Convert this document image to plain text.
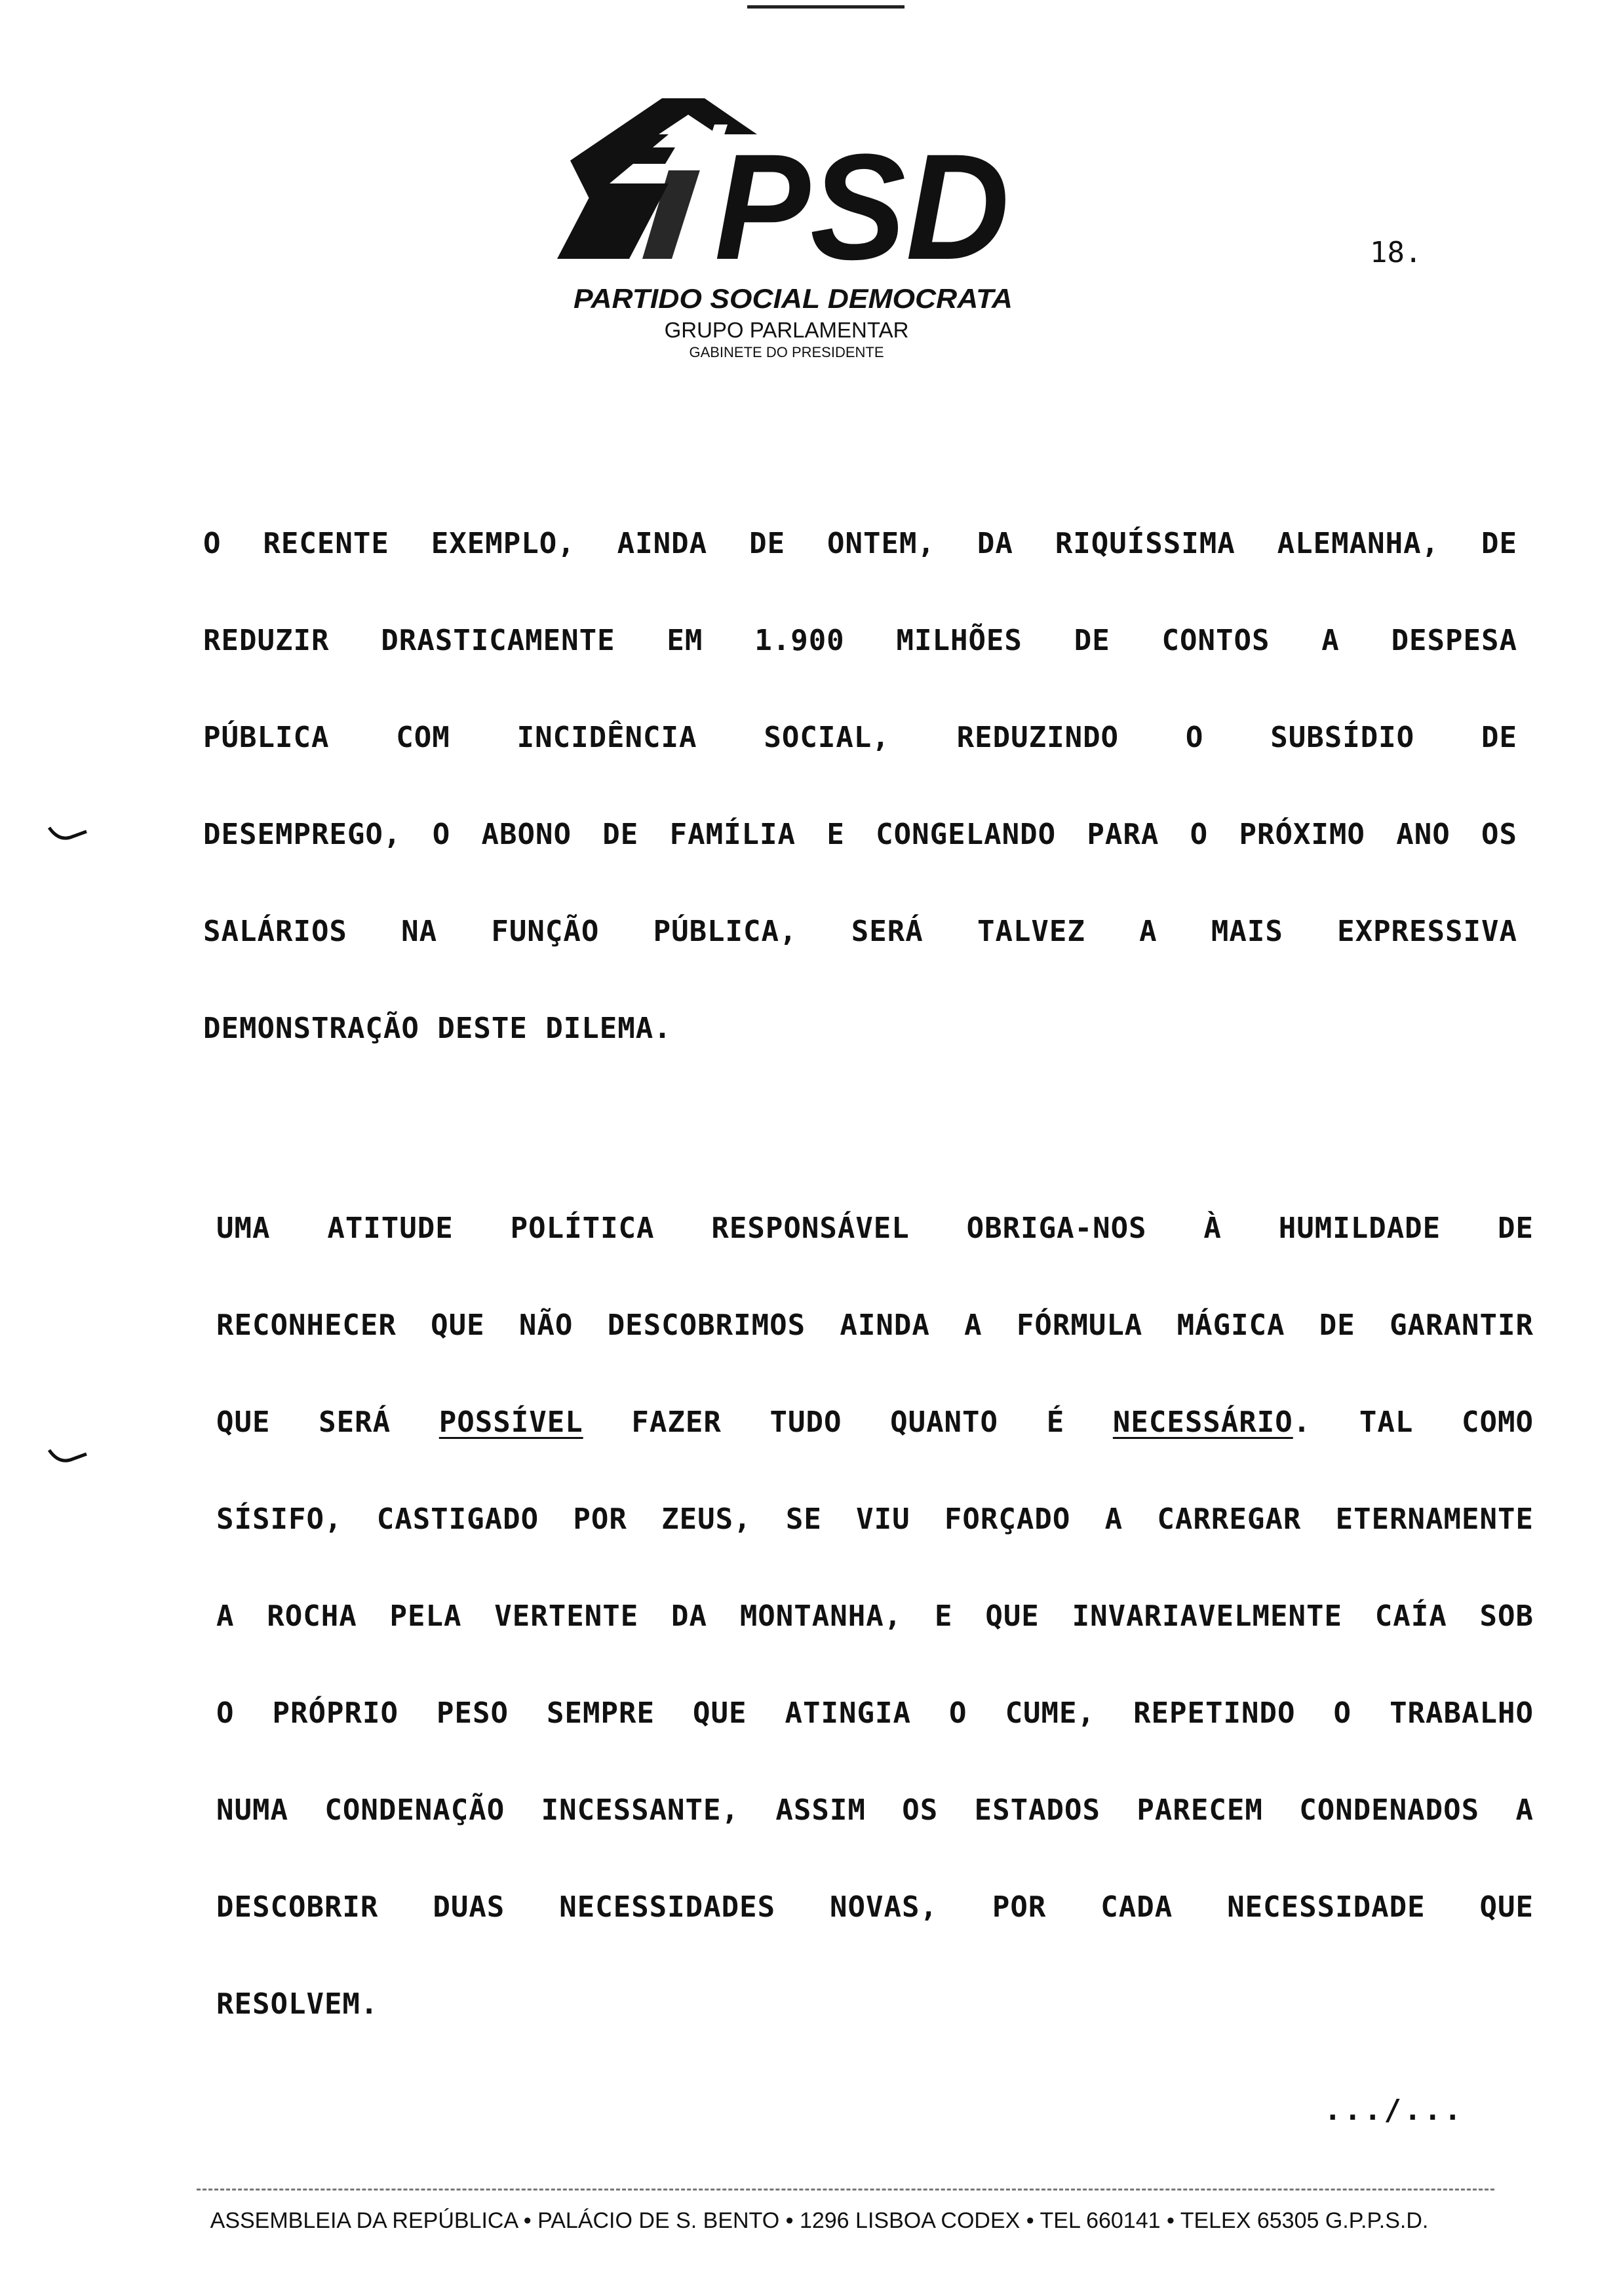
PSD
PARTIDO SOCIAL DEMOCRATA
GRUPO PARLAMENTAR
GABINETE DO PRESIDENTE
18.
O RECENTE EXEMPLO, AINDA DE ONTEM, DA RIQUÍSSIMA ALEMANHA, DE
REDUZIR DRASTICAMENTE EM 1.900 MILHÕES DE CONTOS A DESPESA
PÚBLICA COM INCIDÊNCIA SOCIAL, REDUZINDO O SUBSÍDIO DE
DESEMPREGO, O ABONO DE FAMÍLIA E CONGELANDO PARA O PRÓXIMO ANO OS
SALÁRIOS NA FUNÇÃO PÚBLICA, SERÁ TALVEZ A MAIS EXPRESSIVA
DEMONSTRAÇÃO DESTE DILEMA.
UMA ATITUDE POLÍTICA RESPONSÁVEL OBRIGA-NOS À HUMILDADE DE
RECONHECER QUE NÃO DESCOBRIMOS AINDA A FÓRMULA MÁGICA DE GARANTIR
QUE SERÁ POSSÍVEL FAZER TUDO QUANTO É NECESSÁRIO. TAL COMO
SÍSIFO, CASTIGADO POR ZEUS, SE VIU FORÇADO A CARREGAR ETERNAMENTE
A ROCHA PELA VERTENTE DA MONTANHA, E QUE INVARIAVELMENTE CAÍA SOB
O PRÓPRIO PESO SEMPRE QUE ATINGIA O CUME, REPETINDO O TRABALHO
NUMA CONDENAÇÃO INCESSANTE, ASSIM OS ESTADOS PARECEM CONDENADOS A
DESCOBRIR DUAS NECESSIDADES NOVAS, POR CADA NECESSIDADE QUE
RESOLVEM.
.../...
ASSEMBLEIA DA REPÚBLICA • PALÁCIO DE S. BENTO • 1296 LISBOA CODEX • TEL 660141 • TELEX 65305 G.P.P.S.D.
